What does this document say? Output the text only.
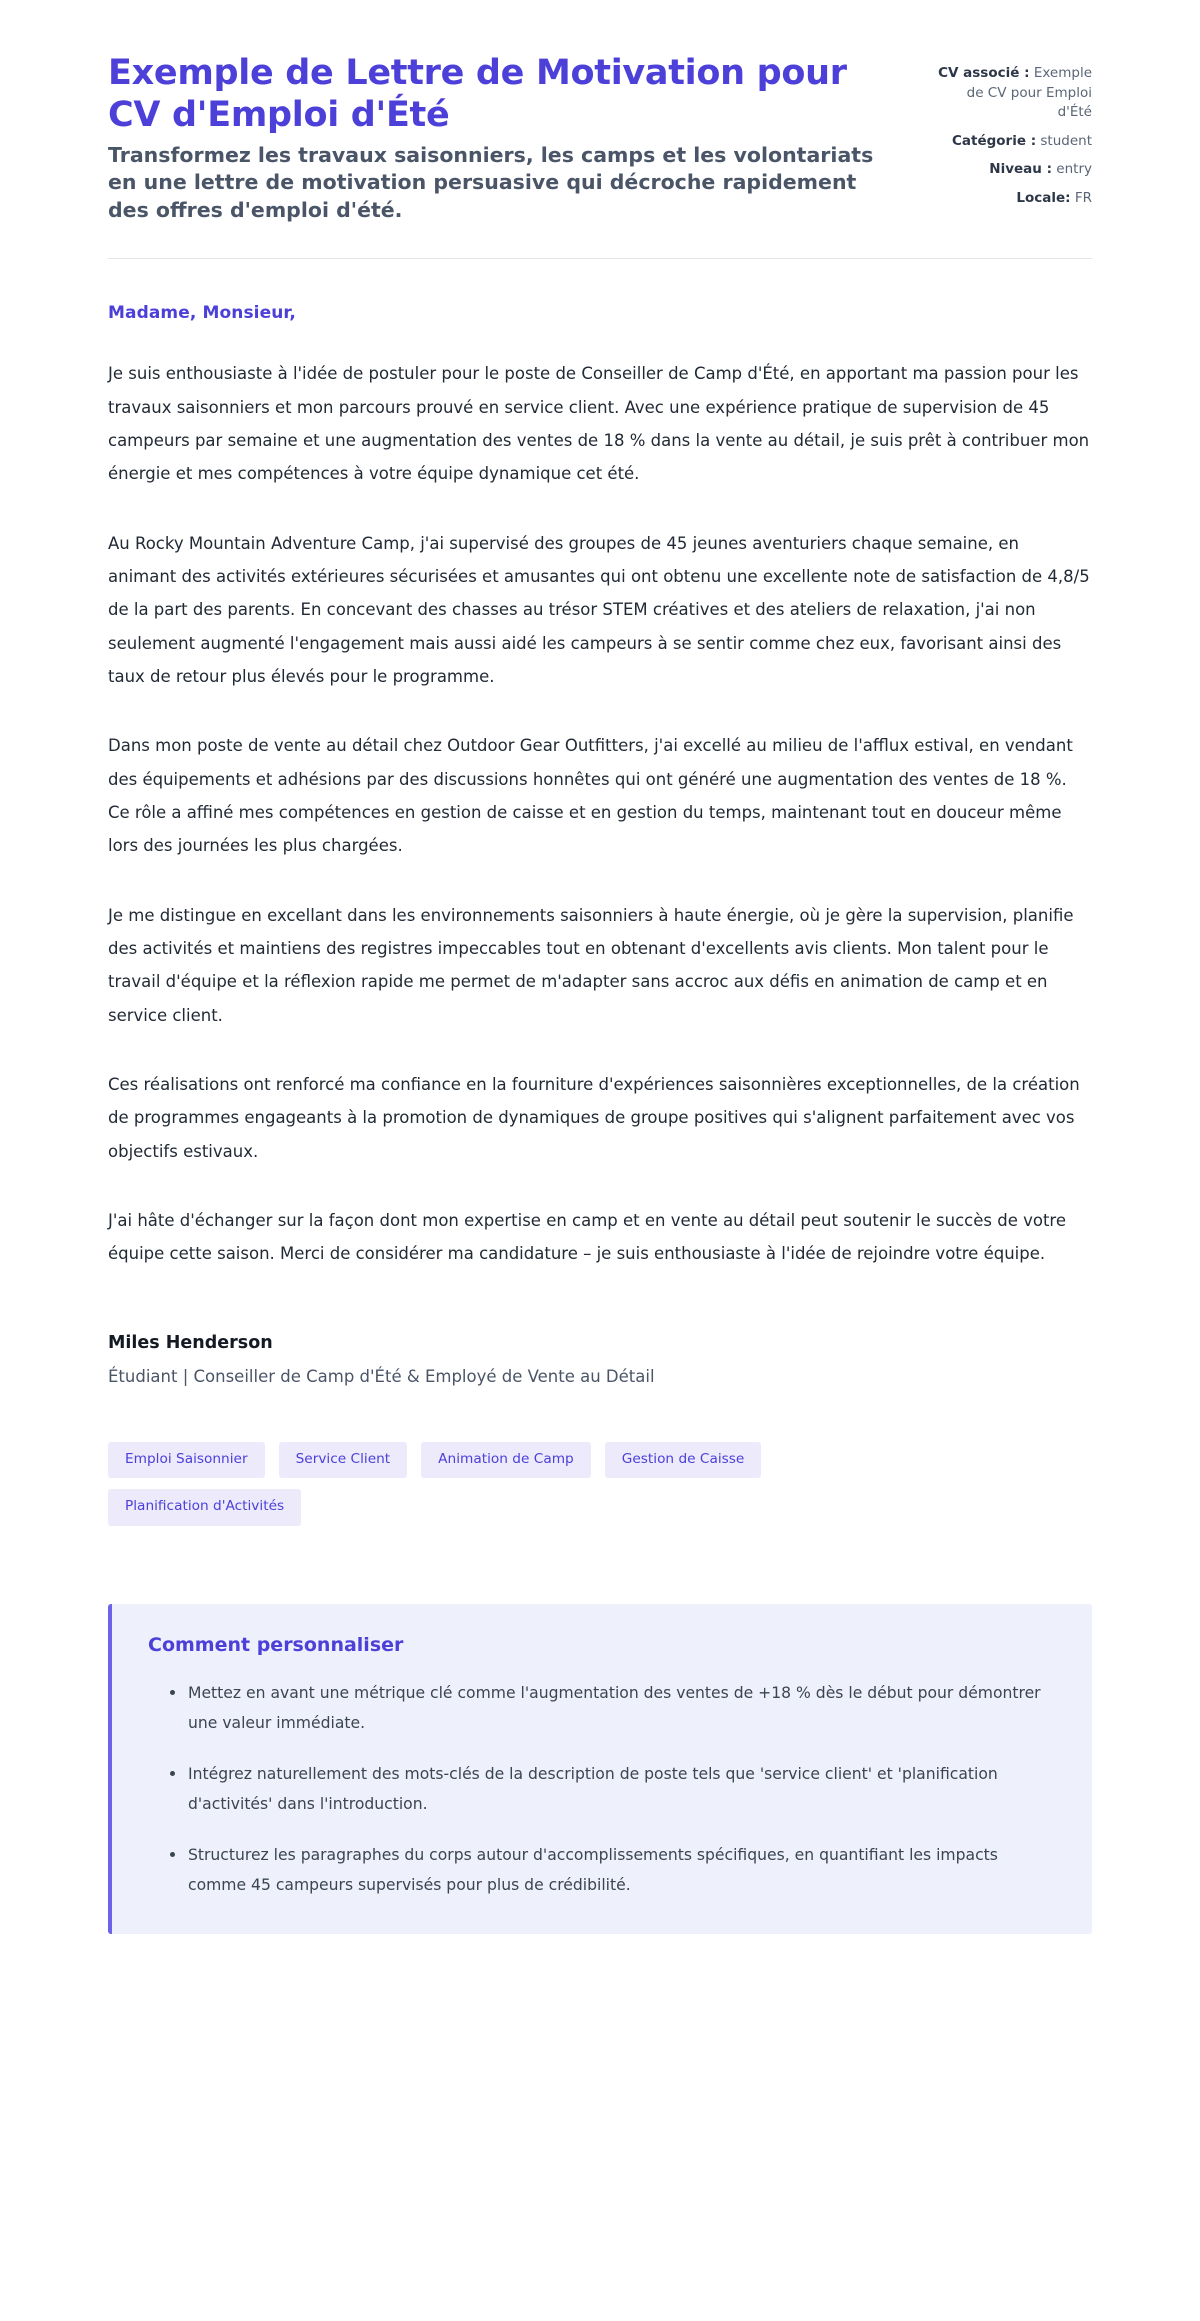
Exemple de Lettre de Motivation pour CV d'Emploi d'Été

Transformez les travaux saisonniers, les camps et les volontariats en une lettre de motivation persuasive qui décroche rapidement des offres d'emploi d'été.

CV associé : Exemple de CV pour Emploi d'Été
Catégorie : student
Niveau : entry
Locale: FR

Madame, Monsieur,

Je suis enthousiaste à l'idée de postuler pour le poste de Conseiller de Camp d'Été, en apportant ma passion pour les travaux saisonniers et mon parcours prouvé en service client. Avec une expérience pratique de supervision de 45 campeurs par semaine et une augmentation des ventes de 18 % dans la vente au détail, je suis prêt à contribuer mon énergie et mes compétences à votre équipe dynamique cet été.

Au Rocky Mountain Adventure Camp, j'ai supervisé des groupes de 45 jeunes aventuriers chaque semaine, en animant des activités extérieures sécurisées et amusantes qui ont obtenu une excellente note de satisfaction de 4,8/5 de la part des parents. En concevant des chasses au trésor STEM créatives et des ateliers de relaxation, j'ai non seulement augmenté l'engagement mais aussi aidé les campeurs à se sentir comme chez eux, favorisant ainsi des taux de retour plus élevés pour le programme.

Dans mon poste de vente au détail chez Outdoor Gear Outfitters, j'ai excellé au milieu de l'afflux estival, en vendant des équipements et adhésions par des discussions honnêtes qui ont généré une augmentation des ventes de 18 %. Ce rôle a affiné mes compétences en gestion de caisse et en gestion du temps, maintenant tout en douceur même lors des journées les plus chargées.

Je me distingue en excellant dans les environnements saisonniers à haute énergie, où je gère la supervision, planifie des activités et maintiens des registres impeccables tout en obtenant d'excellents avis clients. Mon talent pour le travail d'équipe et la réflexion rapide me permet de m'adapter sans accroc aux défis en animation de camp et en service client.

Ces réalisations ont renforcé ma confiance en la fourniture d'expériences saisonnières exceptionnelles, de la création de programmes engageants à la promotion de dynamiques de groupe positives qui s'alignent parfaitement avec vos objectifs estivaux.

J'ai hâte d'échanger sur la façon dont mon expertise en camp et en vente au détail peut soutenir le succès de votre équipe cette saison. Merci de considérer ma candidature – je suis enthousiaste à l'idée de rejoindre votre équipe.

Miles Henderson

Étudiant | Conseiller de Camp d'Été & Employé de Vente au Détail

Emploi Saisonnier	Service Client	Animation de Camp	Gestion de Caisse
Planification d'Activités
Comment personnaliser
Mettez en avant une métrique clé comme l'augmentation des ventes de +18 % dès le début pour démontrer une valeur immédiate.
Intégrez naturellement des mots-clés de la description de poste tels que 'service client' et 'planification d'activités' dans l'introduction.
Structurez les paragraphes du corps autour d'accomplissements spécifiques, en quantifiant les impacts comme 45 campeurs supervisés pour plus de crédibilité.
